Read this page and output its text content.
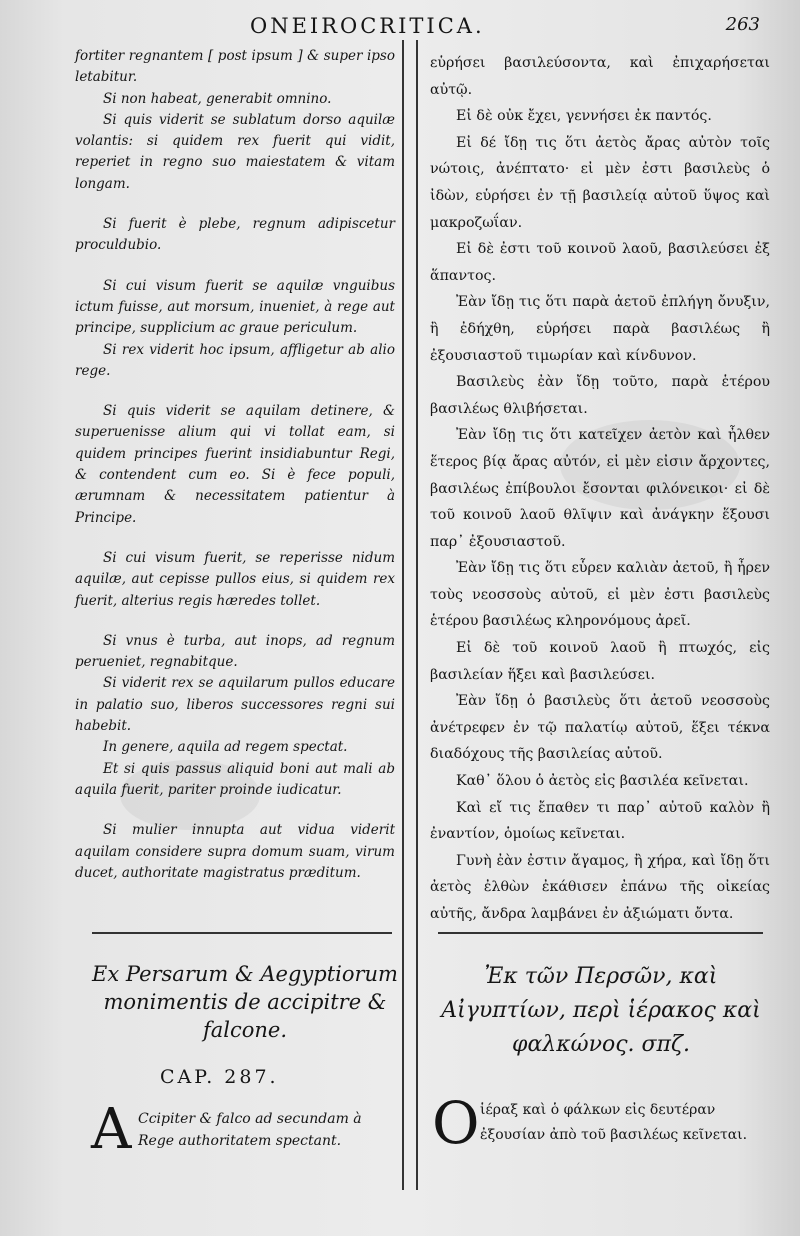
ONEIROCRITICA.	263

fortiter regnantem [ post ipsum ] & super ipso letabitur.

Si non habeat, generabit omnino.

Si quis viderit se sublatum dorso aquilæ volantis: si quidem rex fuerit qui vidit, reperiet in regno suo maiestatem & vitam longam.

Si fuerit è plebe, regnum adipiscetur proculdubio.

Si cui visum fuerit se aquilæ vnguibus ictum fuisse, aut morsum, inueniet, à rege aut principe, supplicium ac graue periculum.

Si rex viderit hoc ipsum, affligetur ab alio rege.

Si quis viderit se aquilam detinere, & superuenisse alium qui vi tollat eam, si quidem principes fuerint insidiabuntur Regi, & contendent cum eo. Si è fece populi, ærumnam & necessitatem patientur à Principe.

Si cui visum fuerit, se reperisse nidum aquilæ, aut cepisse pullos eius, si quidem rex fuerit, alterius regis hæredes tollet.

Si vnus è turba, aut inops, ad regnum perueniet, regnabitque.

Si viderit rex se aquilarum pullos educare in palatio suo, liberos successores regni sui habebit.

In genere, aquila ad regem spectat.

Et si quis passus aliquid boni aut mali ab aquila fuerit, pariter proinde iudicatur.

Si mulier innupta aut vidua viderit aquilam considere supra domum suam, virum ducet, authoritate magistratus præditum.

εὑρήσει βασιλεύσοντα, καὶ ἐπιχαρήσεται αὐτῷ.

Εἰ δὲ οὐκ ἔχει, γεννήσει ἐκ παντός.

Εἰ δέ ἴδῃ τις ὅτι ἀετὸς ἄρας αὐτὸν τοῖς νώτοις, ἀνέπτατο· εἰ μὲν ἐστι βασιλεὺς ὁ ἰδὼν, εὑρήσει ἐν τῇ βασιλείᾳ αὐτοῦ ὕψος καὶ μακροζωΐαν.

Εἰ δὲ ἐστι τοῦ κοινοῦ λαοῦ, βασιλεύσει ἐξ ἅπαντος.

Ἐὰν ἴδῃ τις ὅτι παρὰ ἀετοῦ ἐπλήγη ὄνυξιν, ἢ ἐδήχθη, εὑρήσει παρὰ βασιλέως ἢ ἐξουσιαστοῦ τιμωρίαν καὶ κίνδυνον.

Βασιλεὺς ἐὰν ἴδῃ τοῦτο, παρὰ ἑτέρου βασιλέως θλιβήσεται.

Ἐὰν ἴδῃ τις ὅτι κατεῖχεν ἀετὸν καὶ ἦλθεν ἕτερος βίᾳ ἄρας αὐτόν, εἰ μὲν εἰσιν ἄρχοντες, βασιλέως ἐπίβουλοι ἔσονται φιλόνεικοι· εἰ δὲ τοῦ κοινοῦ λαοῦ θλῖψιν καὶ ἀνάγκην ἕξουσι παρ᾽ ἐξουσιαστοῦ.

Ἐὰν ἴδῃ τις ὅτι εὗρεν καλιὰν ἀετοῦ, ἢ ἦρεν τοὺς νεοσσοὺς αὐτοῦ, εἰ μὲν ἐστι βασιλεὺς ἑτέρου βασιλέως κληρονόμους ἀρεῖ.

Εἰ δὲ τοῦ κοινοῦ λαοῦ ἢ πτωχός, εἰς βασιλείαν ἥξει καὶ βασιλεύσει.

Ἐὰν ἴδῃ ὁ βασιλεὺς ὅτι ἀετοῦ νεοσσοὺς ἀνέτρεφεν ἐν τῷ παλατίῳ αὐτοῦ, ἕξει τέκνα διαδόχους τῆς βασιλείας αὐτοῦ.

Καθ᾽ ὅλου ὁ ἀετὸς εἰς βασιλέα κεῖνεται.

Καὶ εἴ τις ἔπαθεν τι παρ᾽ αὐτοῦ καλὸν ἢ ἐναντίον, ὁμοίως κεῖνεται.

Γυνὴ ἐὰν ἐστιν ἄγαμος, ἢ χήρα, καὶ ἴδῃ ὅτι ἀετὸς ἐλθὼν ἐκάθισεν ἐπάνω τῆς οἰκείας αὐτῆς, ἄνδρα λαμβάνει ἐν ἀξιώματι ὄντα.

Ex Persarum & Aegyptiorum monimentis de accipitre & falcone.
Ἐκ τῶν Περσῶν, καὶ Αἰγυπτίων, περὶ ἱέρακος καὶ φαλκώνος. σπζ.
CAP. 287.
A Ccipiter & falco ad secundam à Rege authoritatem spectant.	Ο ἱέραξ καὶ ὁ φάλκων εἰς δευτέραν ἐξουσίαν ἀπὸ τοῦ βασιλέως κεῖνεται.
